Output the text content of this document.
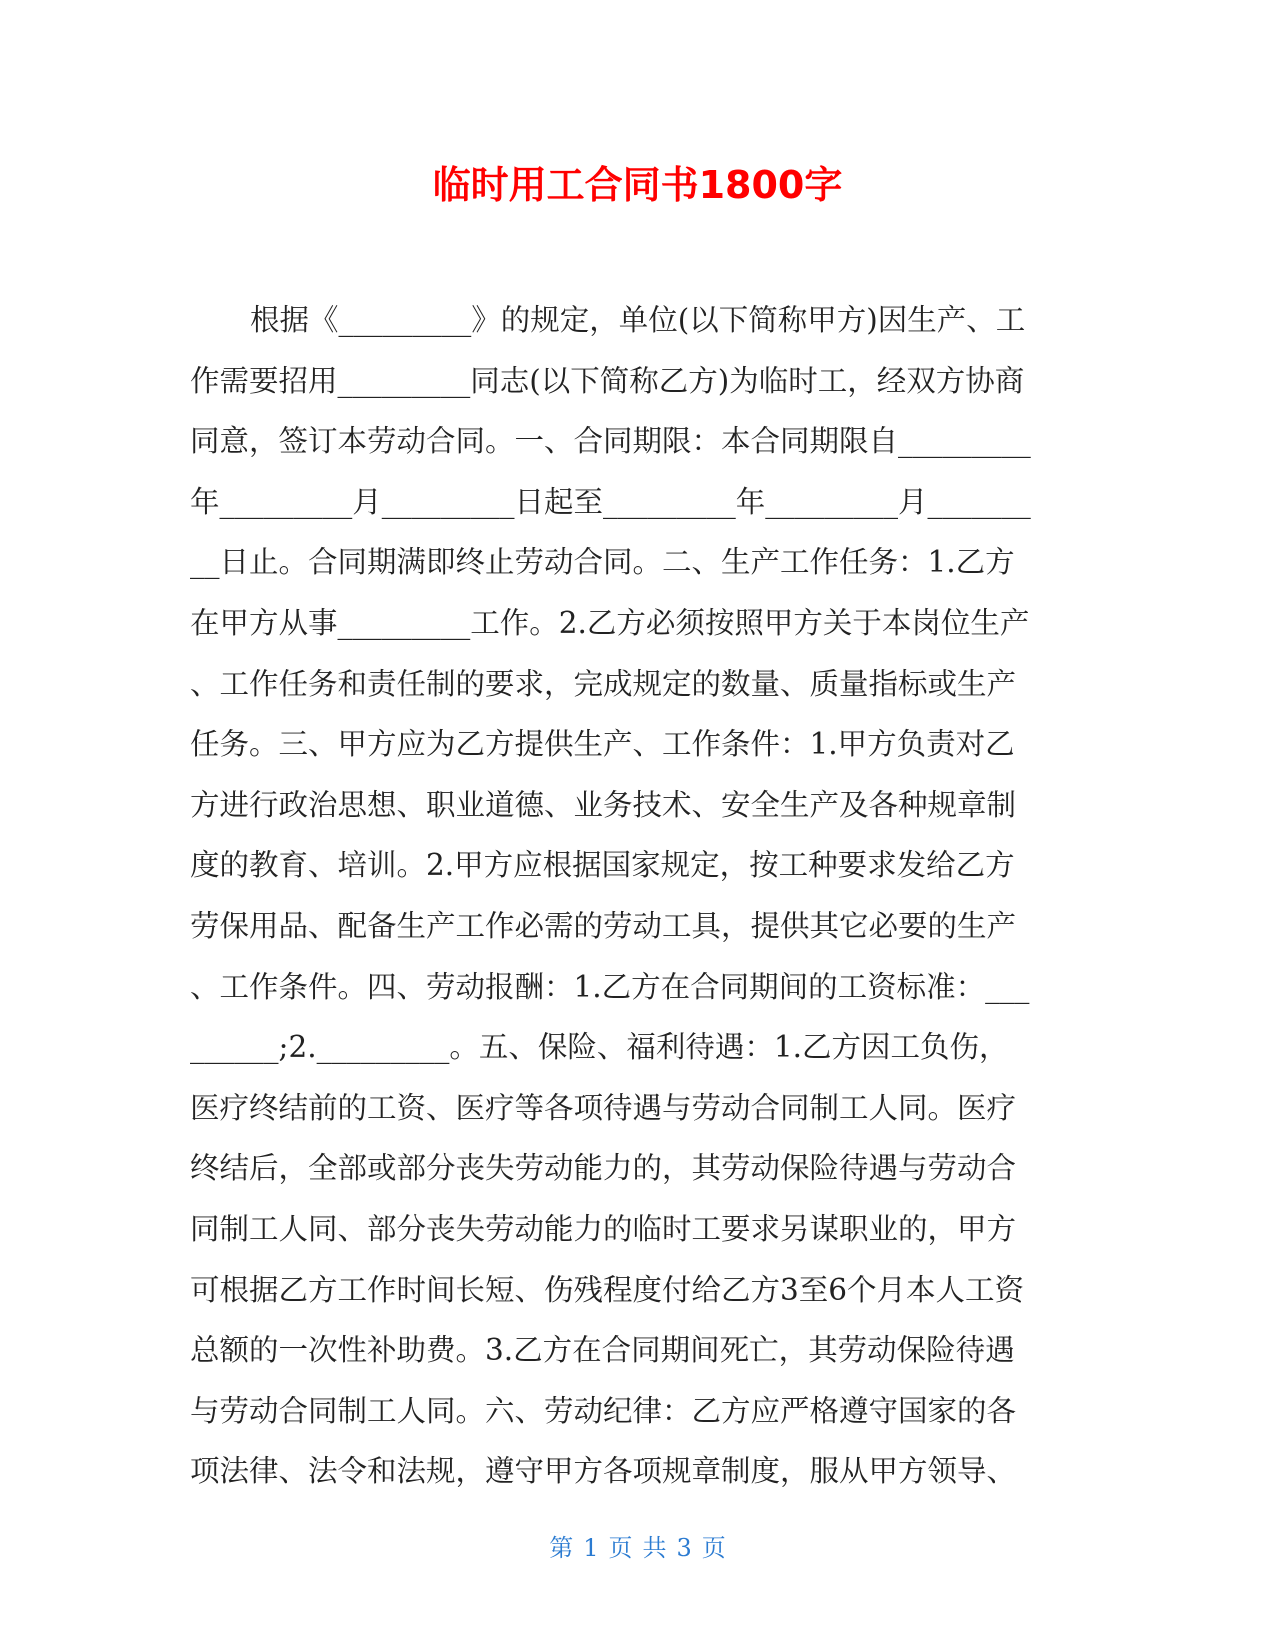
临时用工合同书1800字
根据《_________》的规定，单位(以下简称甲方)因生产、工
作需要招用_________同志(以下简称乙方)为临时工，经双方协商
同意，签订本劳动合同。一、合同期限：本合同期限自_________
年_________月_________日起至_________年_________月_______
__日止。合同期满即终止劳动合同。二、生产工作任务：1.乙方
在甲方从事_________工作。2.乙方必须按照甲方关于本岗位生产
、工作任务和责任制的要求，完成规定的数量、质量指标或生产
任务。三、甲方应为乙方提供生产、工作条件：1.甲方负责对乙
方进行政治思想、职业道德、业务技术、安全生产及各种规章制
度的教育、培训。2.甲方应根据国家规定，按工种要求发给乙方
劳保用品、配备生产工作必需的劳动工具，提供其它必要的生产
、工作条件。四、劳动报酬：1.乙方在合同期间的工资标准：___
______;2._________。五、保险、福利待遇：1.乙方因工负伤，
医疗终结前的工资、医疗等各项待遇与劳动合同制工人同。医疗
终结后，全部或部分丧失劳动能力的，其劳动保险待遇与劳动合
同制工人同、部分丧失劳动能力的临时工要求另谋职业的，甲方
可根据乙方工作时间长短、伤残程度付给乙方3至6个月本人工资
总额的一次性补助费。3.乙方在合同期间死亡，其劳动保险待遇
与劳动合同制工人同。六、劳动纪律：乙方应严格遵守国家的各
项法律、法令和法规，遵守甲方各项规章制度，服从甲方领导、
第 1 页 共 3 页
